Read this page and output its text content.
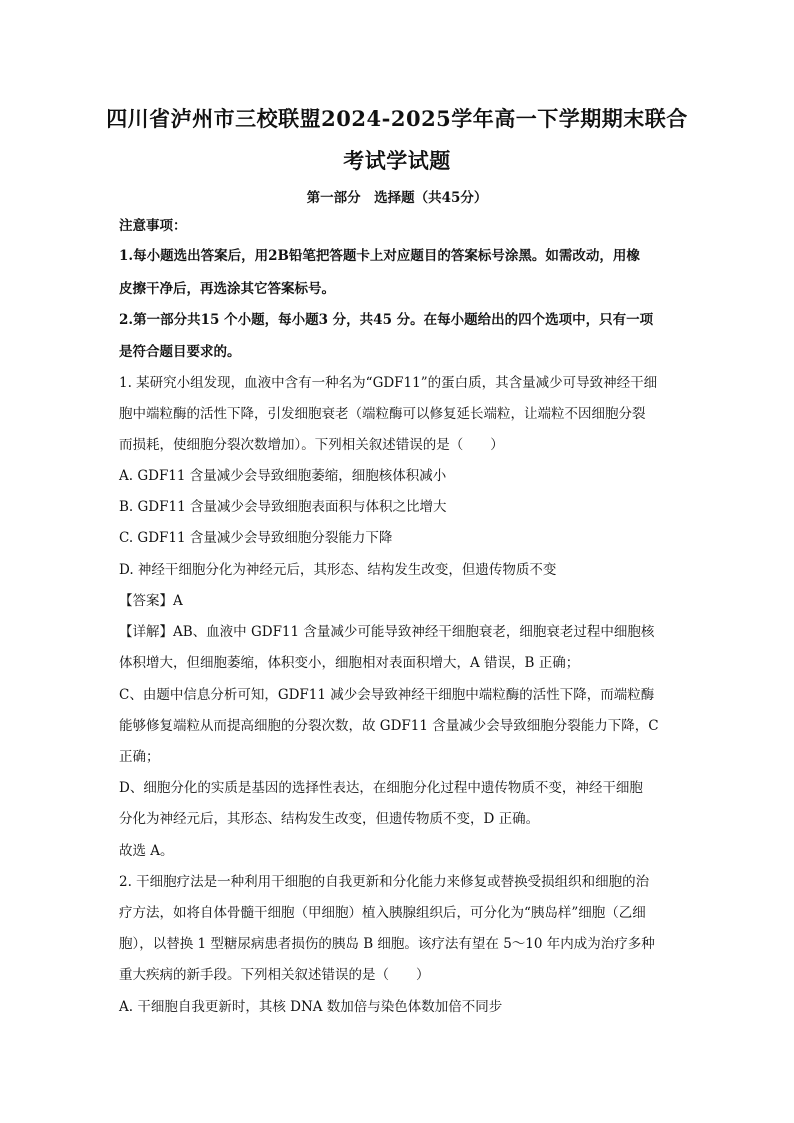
四川省泸州市三校联盟2024-2025学年高一下学期期末联合
考试学试题
第一部分　选择题（共45分）
注意事项：
1.每小题选出答案后，用2B铅笔把答题卡上对应题目的答案标号涂黑。如需改动，用橡
皮擦干净后，再选涂其它答案标号。
2.第一部分共15 个小题，每小题3 分，共45 分。在每小题给出的四个选项中，只有一项
是符合题目要求的。
1. 某研究小组发现，血液中含有一种名为“GDF11”的蛋白质，其含量减少可导致神经干细
胞中端粒酶的活性下降，引发细胞衰老（端粒酶可以修复延长端粒，让端粒不因细胞分裂
而损耗，使细胞分裂次数增加）。下列相关叙述错误的是（　　）
A. GDF11 含量减少会导致细胞萎缩，细胞核体积减小
B. GDF11 含量减少会导致细胞表面积与体积之比增大
C. GDF11 含量减少会导致细胞分裂能力下降
D. 神经干细胞分化为神经元后，其形态、结构发生改变，但遗传物质不变
【答案】A
【详解】AB、血液中 GDF11 含量减少可能导致神经干细胞衰老，细胞衰老过程中细胞核
体积增大，但细胞萎缩，体积变小，细胞相对表面积增大，A 错误，B 正确；
C、由题中信息分析可知，GDF11 减少会导致神经干细胞中端粒酶的活性下降，而端粒酶
能够修复端粒从而提高细胞的分裂次数，故 GDF11 含量减少会导致细胞分裂能力下降，C
正确；
D、细胞分化的实质是基因的选择性表达，在细胞分化过程中遗传物质不变，神经干细胞
分化为神经元后，其形态、结构发生改变，但遗传物质不变，D 正确。
故选 A。
2. 干细胞疗法是一种利用干细胞的自我更新和分化能力来修复或替换受损组织和细胞的治
疗方法，如将自体骨髓干细胞（甲细胞）植入胰腺组织后，可分化为“胰岛样”细胞（乙细
胞），以替换 1 型糖尿病患者损伤的胰岛 B 细胞。该疗法有望在 5～10 年内成为治疗多种
重大疾病的新手段。下列相关叙述错误的是（　　）
A. 干细胞自我更新时，其核 DNA 数加倍与染色体数加倍不同步
